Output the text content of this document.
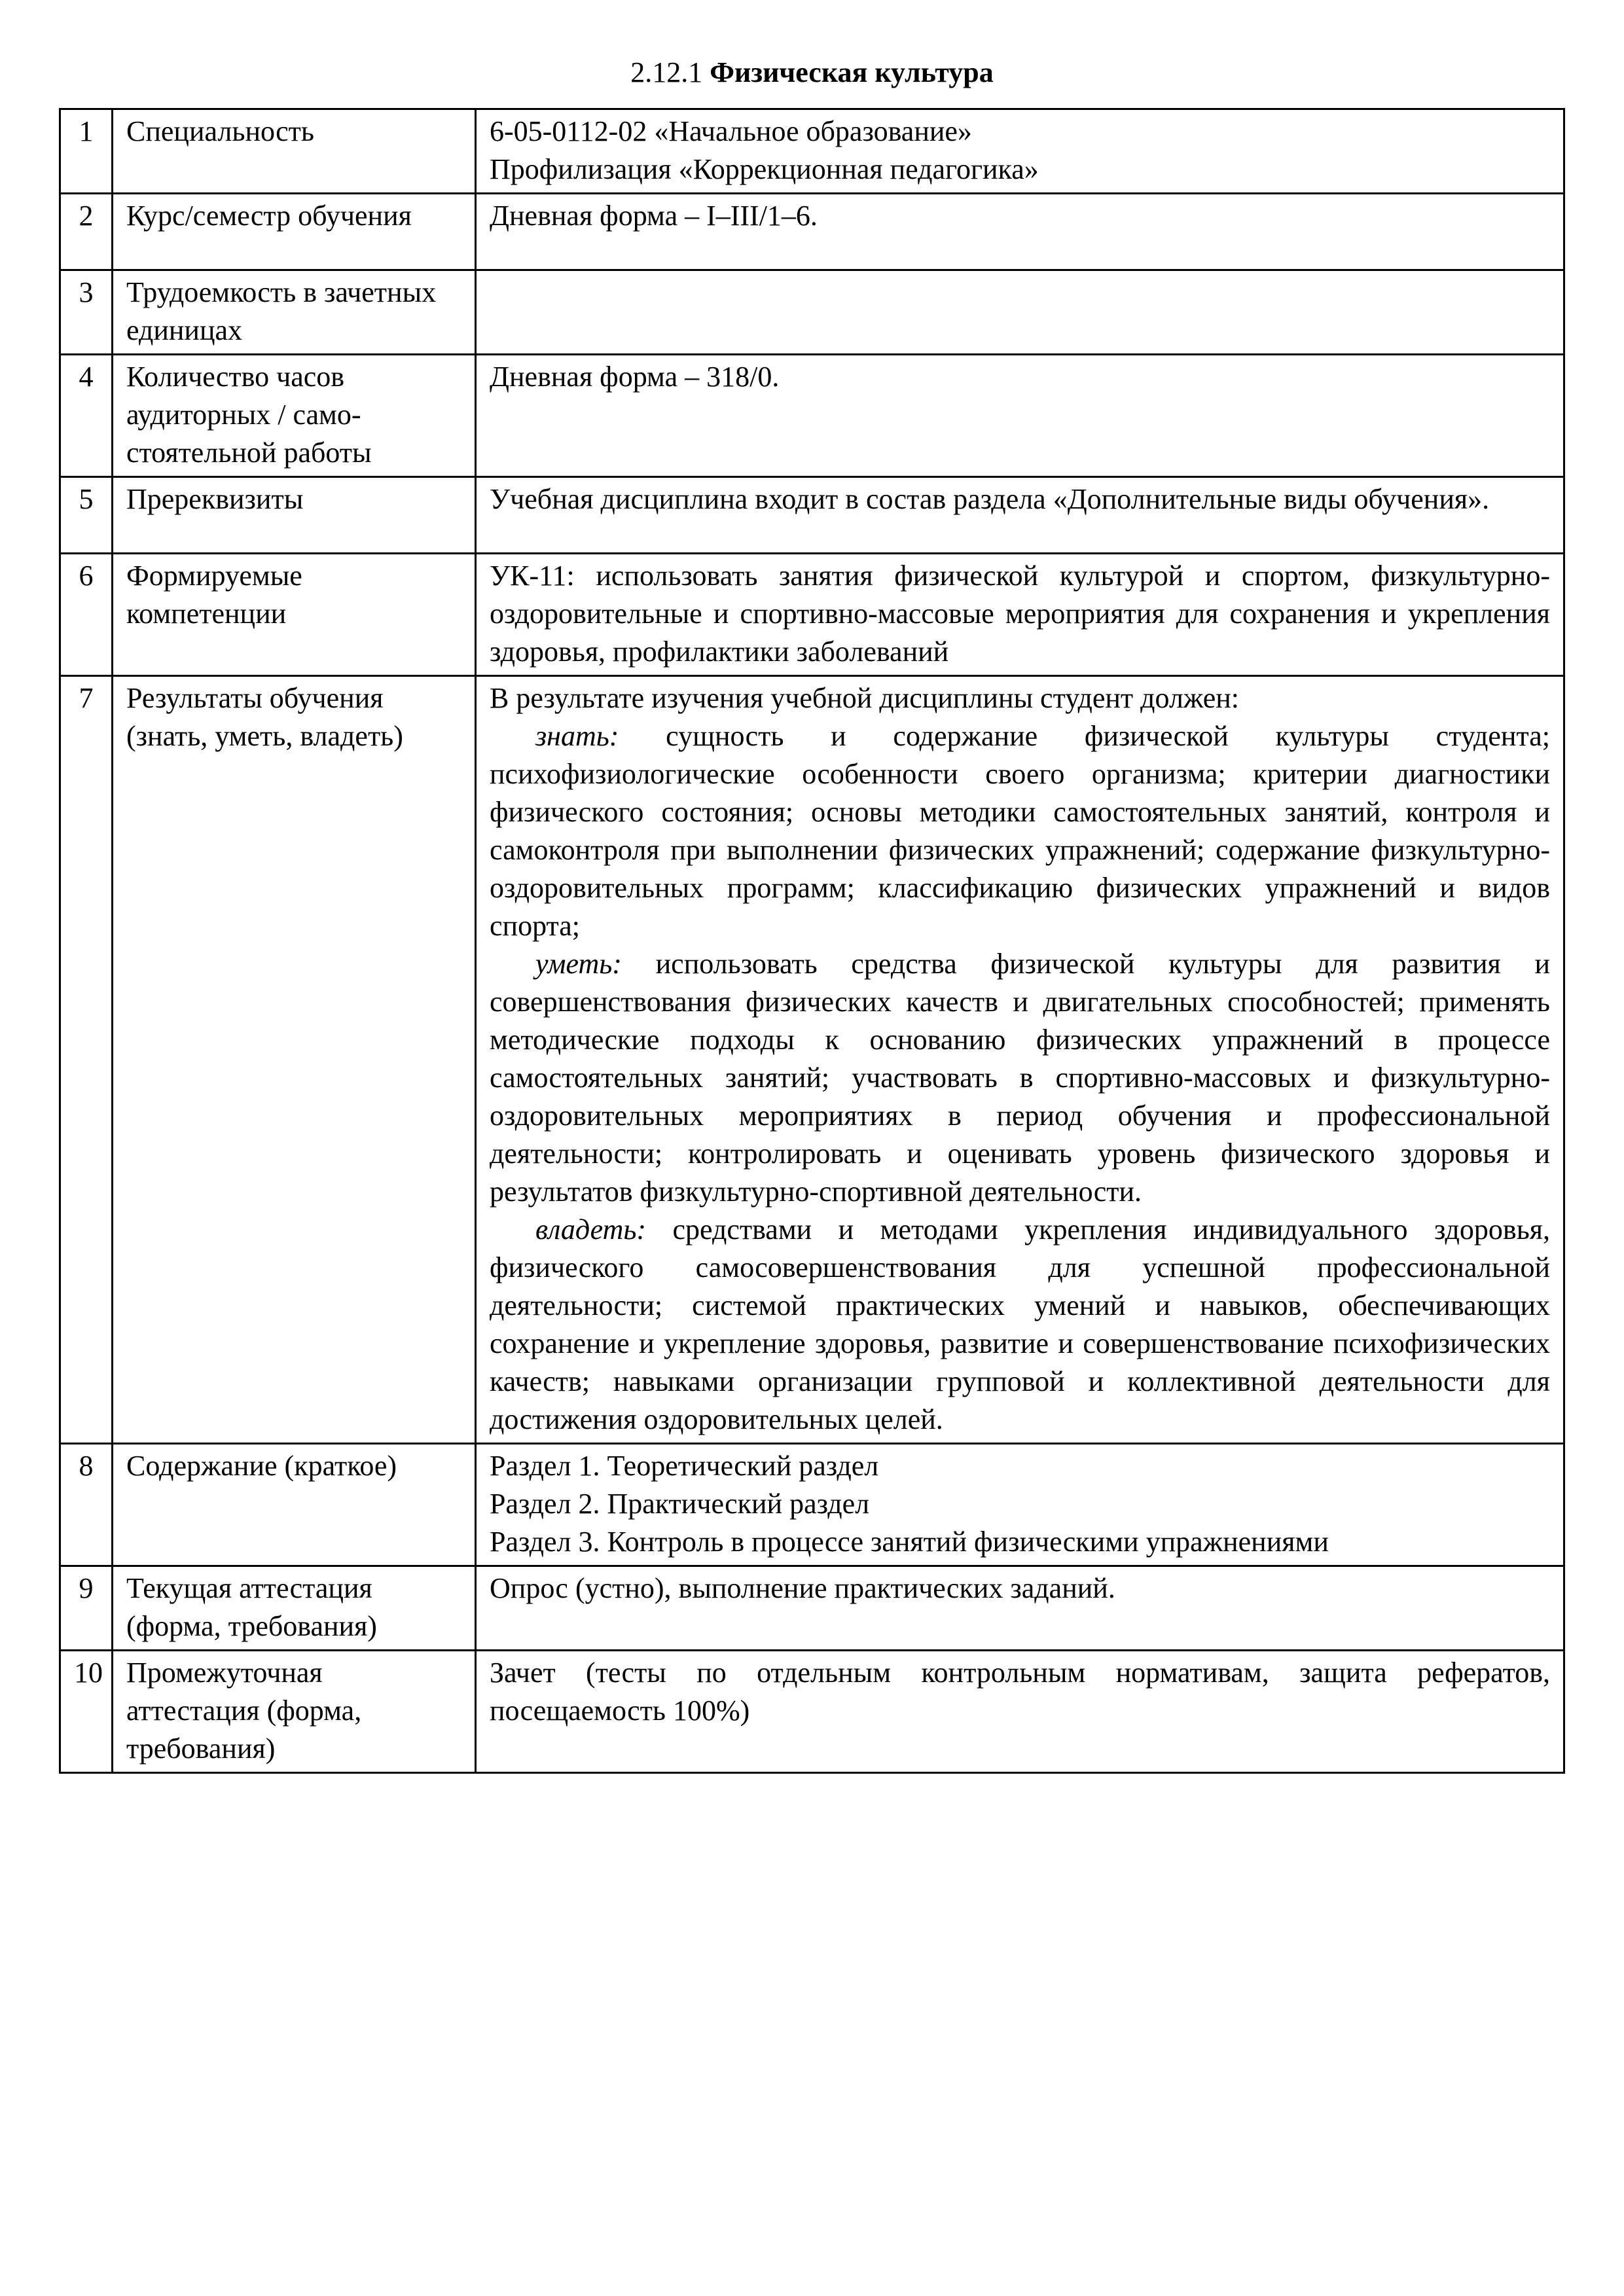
2.12.1 Физическая культура
1	Специальность	6-05-0112-02 «Начальное образование»
Профилизация «Коррекционная педагогика»

2	Курс/семестр обучения	Дневная форма – I–III/1–6.
3	Трудоемкость в зачетных единицах	
4	Количество часов аудиторных / самостоятельной работы	Дневная форма – 318/0.
5	Пререквизиты	Учебная дисциплина входит в состав раздела «Дополнительные виды обучения».
6	Формируемые компетенции	УК-11: использовать занятия физической культурой и спортом, физкультурно-оздоровительные и спортивно-массовые мероприятия для сохранения и укрепления здоровья, профилактики заболеваний
7	Результаты обучения (знать, уметь, владеть)	В результате изучения учебной дисциплины студент должен:
знать: сущность и содержание физической культуры студента; психофизиологические особенности своего организма; критерии диагностики физического состояния; основы методики самостоятельных занятий, контроля и самоконтроля при выполнении физических упражнений; содержание физкультурно-оздоровительных программ; классификацию физических упражнений и видов спорта;
уметь: использовать средства физической культуры для развития и совершенствования физических качеств и двигательных способностей; применять методические подходы к основанию физических упражнений в процессе самостоятельных занятий; участвовать в спортивно-массовых и физкультурно-оздоровительных мероприятиях в период обучения и профессиональной деятельности; контролировать и оценивать уровень физического здоровья и результатов физкультурно-спортивной деятельности.
владеть: средствами и методами укрепления индивидуального здоровья, физического самосовершенствования для успешной профессиональной деятельности; системой практических умений и навыков, обеспечивающих сохранение и укрепление здоровья, развитие и совершенствование психофизических качеств; навыками организации групповой и коллективной деятельности для достижения оздоровительных целей.

8	Содержание (краткое)	Раздел 1. Теоретический раздел
Раздел 2. Практический раздел
Раздел 3. Контроль в процессе занятий физическими упражнениями

9	Текущая аттестация (форма, требования)	Опрос (устно), выполнение практических заданий.
10	Промежуточная аттестация (форма, требования)	Зачет (тесты по отдельным контрольным нормативам, защита рефератов, посещаемость 100%)
